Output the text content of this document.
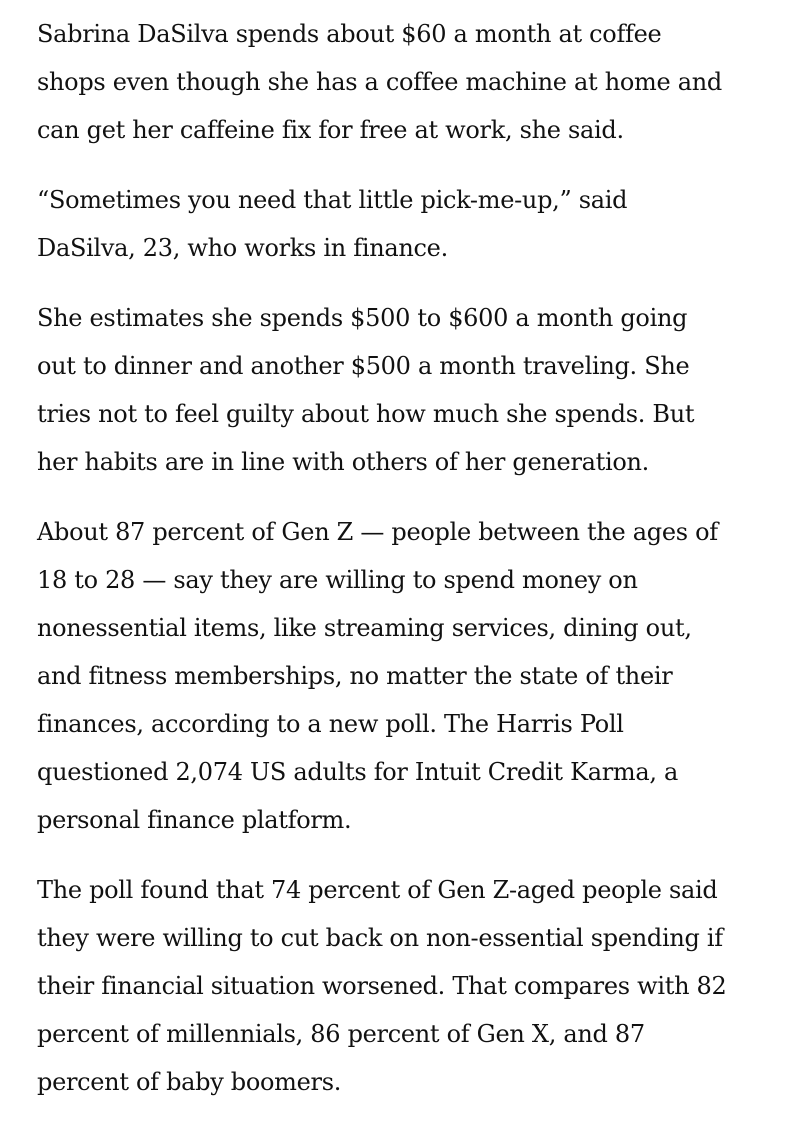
Sabrina DaSilva spends about $60 a month at coffee
shops even though she has a coffee machine at home and
can get her caffeine fix for free at work, she said.

“Sometimes you need that little pick-me-up,” said
DaSilva, 23, who works in finance.

She estimates she spends $500 to $600 a month going
out to dinner and another $500 a month traveling. She
tries not to feel guilty about how much she spends. But
her habits are in line with others of her generation.

About 87 percent of Gen Z — people between the ages of
18 to 28 — say they are willing to spend money on
nonessential items, like streaming services, dining out,
and fitness memberships, no matter the state of their
finances, according to a new poll. The Harris Poll
questioned 2,074 US adults for Intuit Credit Karma, a
personal finance platform.

The poll found that 74 percent of Gen Z-aged people said
they were willing to cut back on non-essential spending if
their financial situation worsened. That compares with 82
percent of millennials, 86 percent of Gen X, and 87
percent of baby boomers.
